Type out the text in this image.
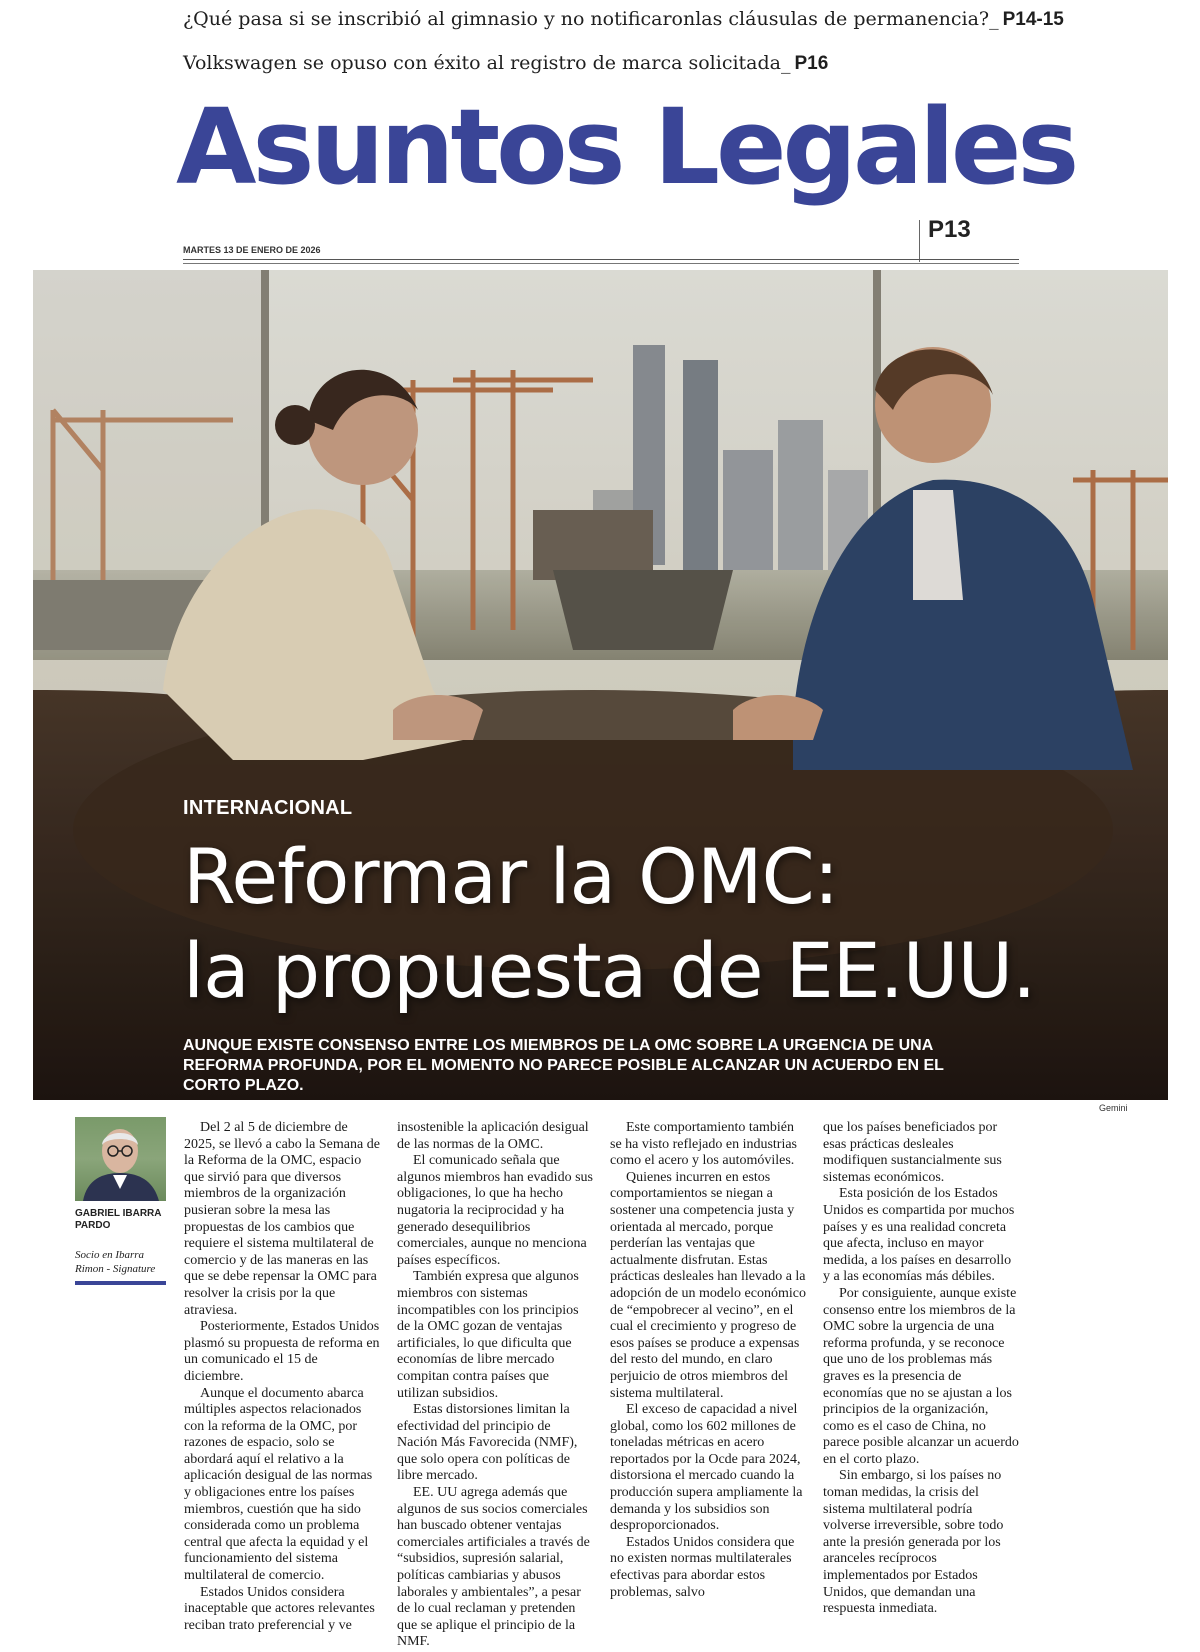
¿Qué pasa si se inscribió al gimnasio y no notificaronlas cláusulas de permanencia?_ P14-15
Volkswagen se opuso con éxito al registro de marca solicitada_ P16
Asuntos Legales
P13
MARTES 13 DE ENERO DE 2026
INTERNACIONAL
Reformar la OMC:
la propuesta de EE.UU.
AUNQUE EXISTE CONSENSO ENTRE LOS MIEMBROS DE LA OMC SOBRE LA URGENCIA DE UNA REFORMA PROFUNDA, POR EL MOMENTO NO PARECE POSIBLE ALCANZAR UN ACUERDO EN EL CORTO PLAZO.
Gemini
GABRIEL IBARRA PARDO
Socio en Ibarra Rimon - Signature

Del 2 al 5 de diciembre de 2025, se llevó a cabo la Semana de la Reforma de la OMC, espacio que sirvió para que diversos miembros de la organización pusieran sobre la mesa las propuestas de los cambios que requiere el sistema multilateral de comercio y de las maneras en las que se debe repensar la OMC para resolver la crisis por la que atraviesa.

Posteriormente, Estados Unidos plasmó su propuesta de reforma en un comunicado el 15 de diciembre.

Aunque el documento abarca múltiples aspectos relacionados con la reforma de la OMC, por razones de espacio, solo se abordará aquí el relativo a la aplicación desigual de las normas y obligaciones entre los países miembros, cuestión que ha sido considerada como un problema central que afecta la equidad y el funcionamiento del sistema multilateral de comercio.

Estados Unidos considera inaceptable que actores relevantes reciban trato preferencial y ve

insostenible la aplicación desigual de las normas de la OMC.

El comunicado señala que algunos miembros han evadido sus obligaciones, lo que ha hecho nugatoria la reciprocidad y ha generado desequilibrios comerciales, aunque no menciona países específicos.

También expresa que algunos miembros con sistemas incompatibles con los principios de la OMC gozan de ventajas artificiales, lo que dificulta que economías de libre mercado compitan contra países que utilizan subsidios.

Estas distorsiones limitan la efectividad del principio de Nación Más Favorecida (NMF), que solo opera con políticas de libre mercado.

EE. UU agrega además que algunos de sus socios comerciales han buscado obtener ventajas comerciales artificiales a través de “subsidios, supresión salarial, políticas cambiarias y abusos laborales y ambientales”, a pesar de lo cual reclaman y pretenden que se aplique el principio de la NMF.

Este comportamiento también se ha visto reflejado en industrias como el acero y los automóviles.

Quienes incurren en estos comportamientos se niegan a sostener una competencia justa y orientada al mercado, porque perderían las ventajas que actualmente disfrutan. Estas prácticas desleales han llevado a la adopción de un modelo económico de “empobrecer al vecino”, en el cual el crecimiento y progreso de esos países se produce a expensas del resto del mundo, en claro perjuicio de otros miembros del sistema multilateral.

El exceso de capacidad a nivel global, como los 602 millones de toneladas métricas en acero reportados por la Ocde para 2024, distorsiona el mercado cuando la producción supera ampliamente la demanda y los subsidios son desproporcionados.

Estados Unidos considera que no existen normas multilaterales efectivas para abordar estos problemas, salvo

que los países beneficiados por esas prácticas desleales modifiquen sustancialmente sus sistemas económicos.

Esta posición de los Estados Unidos es compartida por muchos países y es una realidad concreta que afecta, incluso en mayor medida, a los países en desarrollo y a las economías más débiles.

Por consiguiente, aunque existe consenso entre los miembros de la OMC sobre la urgencia de una reforma profunda, y se reconoce que uno de los problemas más graves es la presencia de economías que no se ajustan a los principios de la organización, como es el caso de China, no parece posible alcanzar un acuerdo en el corto plazo.

Sin embargo, si los países no toman medidas, la crisis del sistema multilateral podría volverse irreversible, sobre todo ante la presión generada por los aranceles recíprocos implementados por Estados Unidos, que demandan una respuesta inmediata.
